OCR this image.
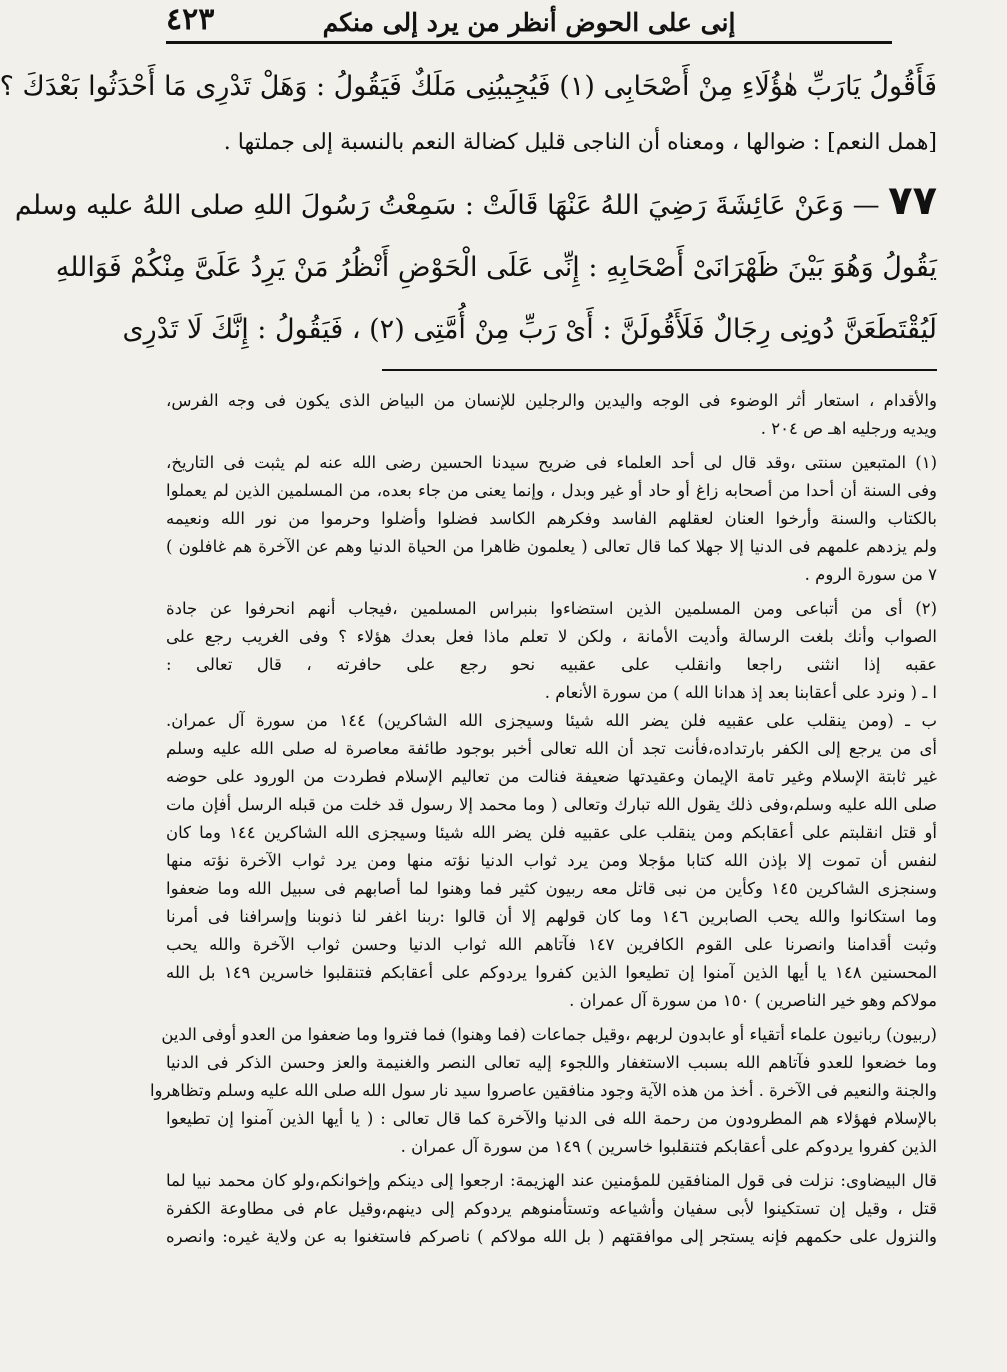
إنى على الحوض أنظر من يرد إلى منكم
٤٢٣
فَأَقُولُ يَارَبِّ هٰؤُلَاءِ مِنْ أَصْحَابِى (١) فَيُجِيبُنِى مَلَكٌ فَيَقُولُ : وَهَلْ تَدْرِى مَا أَحْدَثُوا بَعْدَكَ ؟
[همل النعم] : ضوالها ، ومعناه أن الناجى قليل كضالة النعم بالنسبة إلى جملتها .
٧٧ — وَعَنْ عَائِشَةَ رَضِيَ اللهُ عَنْهَا قَالَتْ : سَمِعْتُ رَسُولَ اللهِ صلى اللهُ عليه وسلم
يَقُولُ وَهُوَ بَيْنَ ظَهْرَانَىْ أَصْحَابِهِ : إِنِّى عَلَى الْحَوْضِ أَنْظُرُ مَنْ يَرِدُ عَلَىَّ مِنْكُمْ فَوَاللهِ
لَيُقْتَطَعَنَّ دُونِى رِجَالٌ فَلَأَقُولَنَّ : أَىْ رَبِّ مِنْ أُمَّتِى (٢) ، فَيَقُولُ : إِنَّكَ لَا تَدْرِى
والأقدام ، استعار أثر الوضوء فى الوجه واليدين والرجلين للإنسان من البياض الذى يكون فى وجه الفرس،
ويديه ورجليه اهـ ص ٢٠٤ .
(١) المتبعين سنتى ،وقد قال لى أحد العلماء فى ضريح سيدنا الحسين رضى الله عنه لم يثبت فى التاريخ،
وفى السنة أن أحدا من أصحابه زاغ أو حاد أو غير وبدل ، وإنما يعنى من جاء بعده، من المسلمين الذين لم يعملوا
بالكتاب والسنة وأرخوا العنان لعقلهم الفاسد وفكرهم الكاسد فضلوا وأضلوا وحرموا من نور الله ونعيمه
ولم يزدهم علمهم فى الدنيا إلا جهلا كما قال تعالى ( يعلمون ظاهرا من الحياة الدنيا وهم عن الآخرة هم غافلون )
٧ من سورة الروم .
(٢) أى من أتباعى ومن المسلمين الذين استضاءوا بنبراس المسلمين ،فيجاب أنهم انحرفوا عن جادة
الصواب وأنك بلغت الرسالة وأديت الأمانة ، ولكن لا تعلم ماذا فعل بعدك هؤلاء ؟ وفى الغريب رجع على
عقبه إذا انثنى راجعا وانقلب على عقبيه نحو رجع على حافرته ، قال تعالى :
ا ـ ( ونرد على أعقابنا بعد إذ هدانا الله ) من سورة الأنعام .
ب ـ (ومن ينقلب على عقبيه فلن يضر الله شيئا وسيجزى الله الشاكرين) ١٤٤ من سورة آل عمران.
أى من يرجع إلى الكفر بارتداده،فأنت تجد أن الله تعالى أخبر بوجود طائفة معاصرة له صلى الله عليه وسلم
غير ثابتة الإسلام وغير تامة الإيمان وعقيدتها ضعيفة فنالت من تعاليم الإسلام فطردت من الورود على حوضه
صلى الله عليه وسلم،وفى ذلك يقول الله تبارك وتعالى ( وما محمد إلا رسول قد خلت من قبله الرسل أفإن مات
أو قتل انقلبتم على أعقابكم ومن ينقلب على عقبيه فلن يضر الله شيئا وسيجزى الله الشاكرين ١٤٤ وما كان
لنفس أن تموت إلا بإذن الله كتابا مؤجلا ومن يرد ثواب الدنيا نؤته منها ومن يرد ثواب الآخرة نؤته منها
وسنجزى الشاكرين ١٤٥ وكأين من نبى قاتل معه ربيون كثير فما وهنوا لما أصابهم فى سبيل الله وما ضعفوا
وما استكانوا والله يحب الصابرين ١٤٦ وما كان قولهم إلا أن قالوا :ربنا اغفر لنا ذنوبنا وإسرافنا فى أمرنا
وثبت أقدامنا وانصرنا على القوم الكافرين ١٤٧ فآتاهم الله ثواب الدنيا وحسن ثواب الآخرة والله يحب
المحسنين ١٤٨ يا أيها الذين آمنوا إن تطيعوا الذين كفروا يردوكم على أعقابكم فتنقلبوا خاسرين ١٤٩ بل الله
مولاكم وهو خير الناصرين ) ١٥٠ من سورة آل عمران .
(ربيون) ربانيون علماء أتقياء أو عابدون لربهم ،وقيل جماعات (فما وهنوا) فما فتروا وما ضعفوا من العدو أوفى الدين
وما خضعوا للعدو فآتاهم الله بسبب الاستغفار واللجوء إليه تعالى النصر والغنيمة والعز وحسن الذكر فى الدنيا
والجنة والنعيم فى الآخرة . أخذ من هذه الآية وجود منافقين عاصروا سيد نار سول الله صلى الله عليه وسلم وتظاهروا
بالإسلام فهؤلاء هم المطرودون من رحمة الله فى الدنيا والآخرة كما قال تعالى : ( يا أيها الذين آمنوا إن تطيعوا
الذين كفروا يردوكم على أعقابكم فتنقلبوا خاسرين ) ١٤٩ من سورة آل عمران .
قال البيضاوى: نزلت فى قول المنافقين للمؤمنين عند الهزيمة: ارجعوا إلى دينكم وإخوانكم،ولو كان محمد نبيا لما
قتل ، وقيل إن تستكينوا لأبى سفيان وأشياعه وتستأمنوهم يردوكم إلى دينهم،وقيل عام فى مطاوعة الكفرة
والنزول على حكمهم فإنه يستجر إلى موافقتهم ( بل الله مولاكم ) ناصركم فاستغنوا به عن ولاية غيره: وانصره
